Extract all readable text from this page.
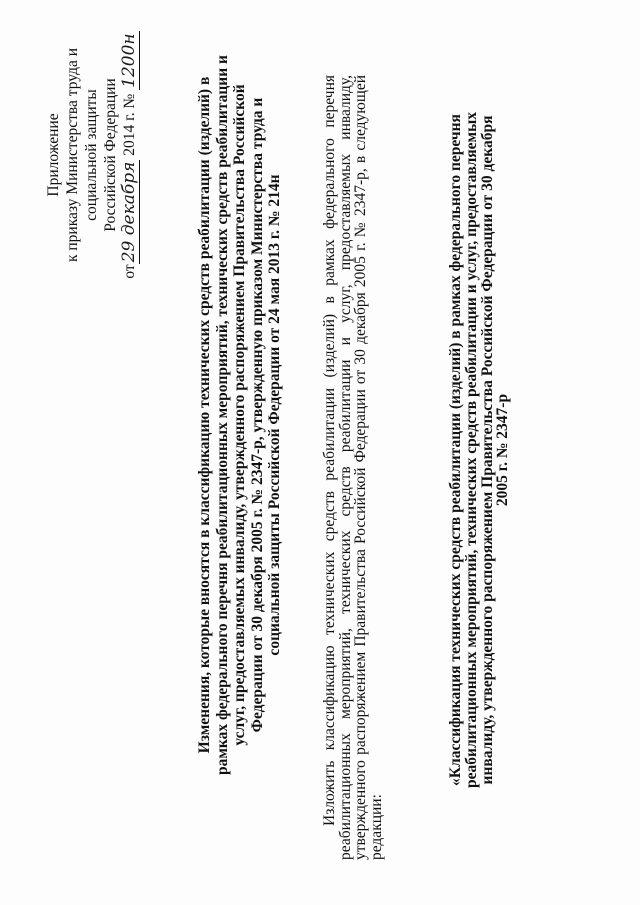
Приложение к приказу Министерства труда и социальной защиты Российской Федерации
от29 декабря 2014 г. № 1200н
Изменения, которые вносятся в классификацию технических средств реабилитации (изделий) в рамках федерального перечня реабилитационных мероприятий, технических средств реабилитации и услуг, предоставляемых инвалиду, утвержденного распоряжением Правительства Российской Федерации от 30 декабря 2005 г. № 2347-р, утвержденную приказом Министерства труда и социальной защиты Российской Федерации от 24 мая 2013 г. № 214н Изложить классификацию технических средств реабилитации (изделий) в рамках федерального перечня реабилитационных мероприятий, технических средств реабилитации и услуг, предоставляемых инвалиду, утвержденного распоряжением Правительства Российской Федерации от 30 декабря 2005 г. № 2347-р, в следующей редакции:
«Классификация технических средств реабилитации (изделий) в рамках федерального перечня реабилитационных мероприятий, технических средств реабилитации и услуг, предоставляемых инвалиду, утвержденного распоряжением Правительства Российской Федерации от 30 декабря 2005 г. № 2347-р
